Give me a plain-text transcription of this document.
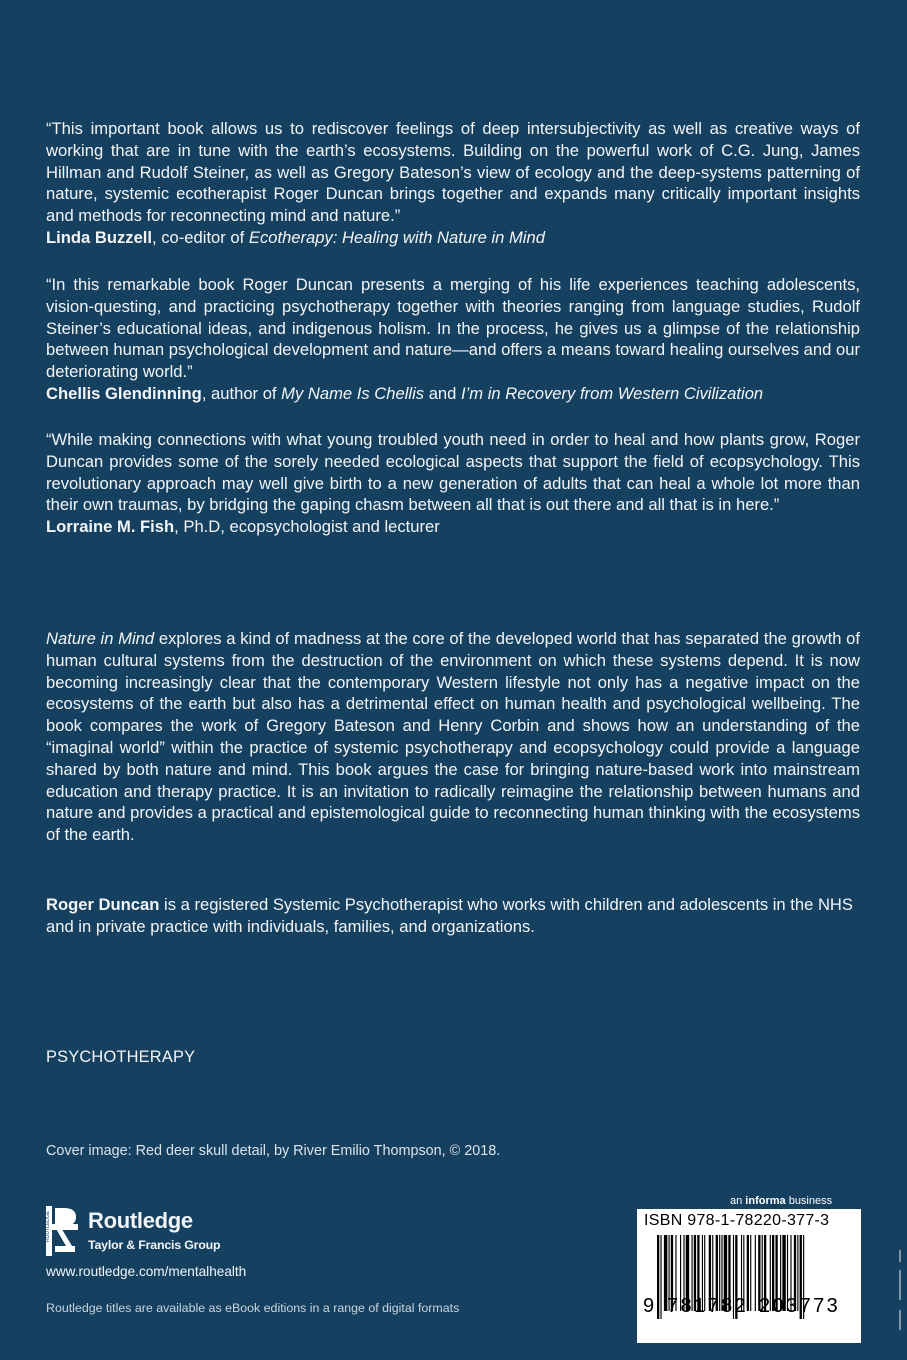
“This important book allows us to rediscover feelings of deep intersubjectivity as well as creative ways of working that are in tune with the earth’s ecosystems. Building on the powerful work of C.G. Jung, James Hillman and Rudolf Steiner, as well as Gregory Bateson’s view of ecology and the deep-systems patterning of nature, systemic ecotherapist Roger Duncan brings together and expands many critically important insights and methods for reconnecting mind and nature.”
Linda Buzzell, co-editor of Ecotherapy: Healing with Nature in Mind

“In this remarkable book Roger Duncan presents a merging of his life experiences teaching adolescents, vision-questing, and practicing psychotherapy together with theories ranging from language studies, Rudolf Steiner’s educational ideas, and indigenous holism. In the process, he gives us a glimpse of the relationship between human psychological development and nature—and offers a means toward healing ourselves and our deteriorating world.”
Chellis Glendinning, author of My Name Is Chellis and I’m in Recovery from Western Civilization

“While making connections with what young troubled youth need in order to heal and how plants grow, Roger Duncan provides some of the sorely needed ecological aspects that support the field of ecopsychology. This revolutionary approach may well give birth to a new generation of adults that can heal a whole lot more than their own traumas, by bridging the gaping chasm between all that is out there and all that is in here.”
Lorraine M. Fish, Ph.D, ecopsychologist and lecturer

Nature in Mind explores a kind of madness at the core of the developed world that has separated the growth of human cultural systems from the destruction of the environment on which these systems depend. It is now becoming increasingly clear that the contemporary Western lifestyle not only has a negative impact on the ecosystems of the earth but also has a detrimental effect on human health and psychological wellbeing. The book compares the work of Gregory Bateson and Henry Corbin and shows how an understanding of the “imaginal world” within the practice of systemic psychotherapy and ecopsychology could provide a language shared by both nature and mind. This book argues the case for bringing nature-based work into mainstream education and therapy practice. It is an invitation to radically reimagine the relationship between humans and nature and provides a practical and epistemological guide to reconnecting human thinking with the ecosystems of the earth.

Roger Duncan is a registered Systemic Psychotherapist who works with children and adolescents in the NHS and in private practice with individuals, families, and organizations.

PSYCHOTHERAPY
Cover image: Red deer skull detail, by River Emilio Thompson, © 2018.
ROUTLEDGE Routledge
Taylor & Francis Group
www.routledge.com/mentalhealth
Routledge titles are available as eBook editions in a range of digital formats
an informa business
ISBN 978-1-78220-377-3
9 781782 203773
